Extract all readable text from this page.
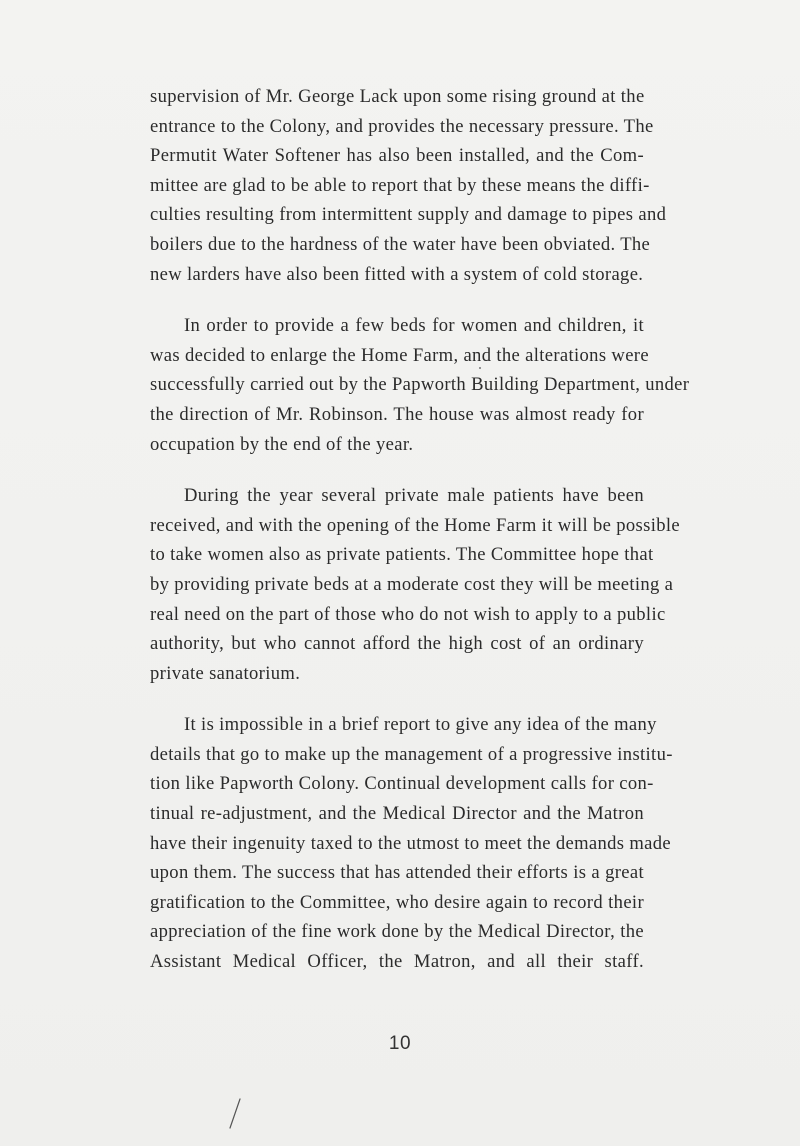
supervision of Mr. George Lack upon some rising ground at the
entrance to the Colony, and provides the necessary pressure. The
Permutit Water Softener has also been installed, and the Com-
mittee are glad to be able to report that by these means the diffi-
culties resulting from intermittent supply and damage to pipes and
boilers due to the hardness of the water have been obviated. The
new larders have also been fitted with a system of cold storage.

In order to provide a few beds for women and children, it
was decided to enlarge the Home Farm, and the alterations were
successfully carried out by the Papworth Building Department, under
the direction of Mr. Robinson. The house was almost ready for
occupation by the end of the year.

During the year several private male patients have been
received, and with the opening of the Home Farm it will be possible
to take women also as private patients. The Committee hope that
by providing private beds at a moderate cost they will be meeting a
real need on the part of those who do not wish to apply to a public
authority, but who cannot afford the high cost of an ordinary
private sanatorium.

It is impossible in a brief report to give any idea of the many
details that go to make up the management of a progressive institu-
tion like Papworth Colony. Continual development calls for con-
tinual re-adjustment, and the Medical Director and the Matron
have their ingenuity taxed to the utmost to meet the demands made
upon them. The success that has attended their efforts is a great
gratification to the Committee, who desire again to record their
appreciation of the fine work done by the Medical Director, the
Assistant Medical Officer, the Matron, and all their staff.

10
